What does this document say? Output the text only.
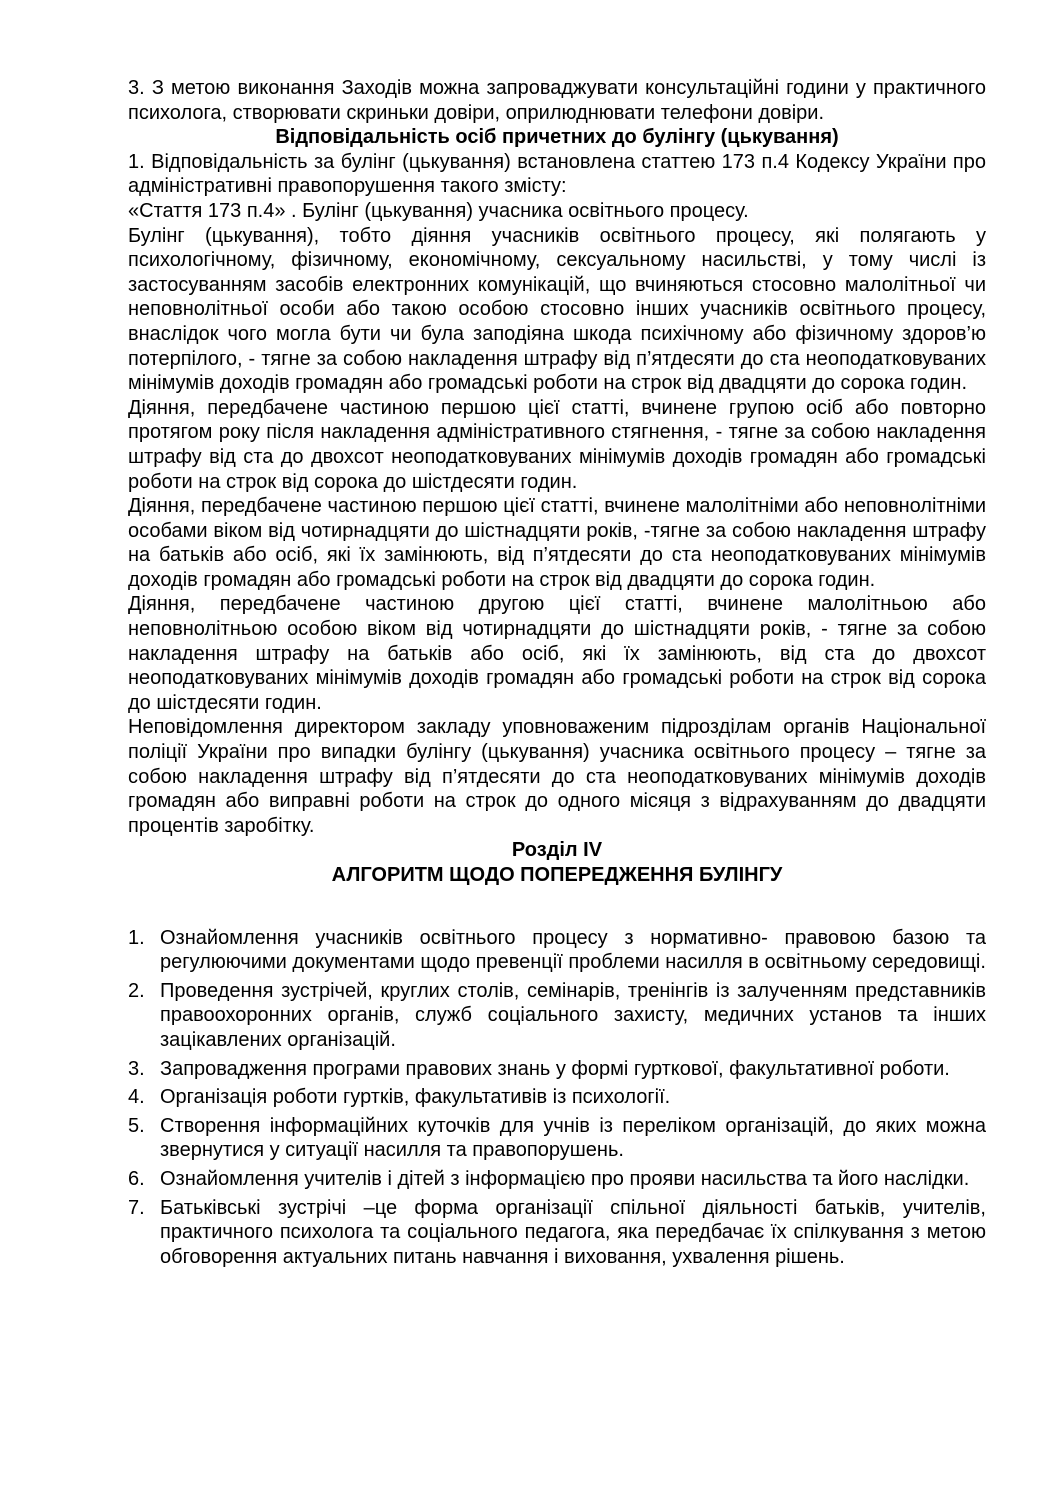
3. З метою виконання Заходів можна запроваджувати консультаційні години у практичного психолога, створювати скриньки довіри, оприлюднювати телефони довіри.

Відповідальність осіб причетних до булінгу (цькування)

1. Відповідальність за булінг (цькування) встановлена статтею 173 п.4 Кодексу України про адміністративні правопорушення такого змісту:

«Стаття 173 п.4» . Булінг (цькування) учасника освітнього процесу.

Булінг (цькування), тобто діяння учасників освітнього процесу, які полягають у психологічному, фізичному, економічному, сексуальному насильстві, у тому числі із застосуванням засобів електронних комунікацій, що вчиняються стосовно малолітньої чи неповнолітньої особи або такою особою стосовно інших учасників освітнього процесу, внаслідок чого могла бути чи була заподіяна шкода психічному або фізичному здоров’ю потерпілого, - тягне за собою накладення штрафу від п’ятдесяти до ста неоподатковуваних мінімумів доходів громадян або громадські роботи на строк від двадцяти до сорока годин.

Діяння, передбачене частиною першою цієї статті, вчинене групою осіб або повторно протягом року після накладення адміністративного стягнення, - тягне за собою накладення штрафу від ста до двохсот неоподатковуваних мінімумів доходів громадян або громадські роботи на строк від сорока до шістдесяти годин.

Діяння, передбачене частиною першою цієї статті, вчинене малолітніми або неповнолітніми особами віком від чотирнадцяти до шістнадцяти років, -тягне за собою накладення штрафу на батьків або осіб, які їх замінюють, від п’ятдесяти до ста неоподатковуваних мінімумів доходів громадян або громадські роботи на строк від двадцяти до сорока годин.

Діяння, передбачене частиною другою цієї статті, вчинене малолітньою або неповнолітньою особою віком від чотирнадцяти до шістнадцяти років, - тягне за собою накладення штрафу на батьків або осіб, які їх замінюють, від ста до двохсот неоподатковуваних мінімумів доходів громадян або громадські роботи на строк від сорока до шістдесяти годин.

Неповідомлення директором закладу уповноваженим підрозділам органів Національної поліції України про випадки булінгу (цькування) учасника освітнього процесу – тягне за собою накладення штрафу від п’ятдесяти до ста неоподатковуваних мінімумів доходів громадян або виправні роботи на строк до одного місяця з відрахуванням до двадцяти процентів заробітку.

Розділ IV

АЛГОРИТМ ЩОДО ПОПЕРЕДЖЕННЯ БУЛІНГУ

1. Ознайомлення учасників освітнього процесу з нормативно- правовою базою та регулюючими документами щодо превенції проблеми насилля в освітньому середовищі.
2. Проведення зустрічей, круглих столів, семінарів, тренінгів із залученням представників правоохоронних органів, служб соціального захисту, медичних установ та інших зацікавлених організацій.
3. Запровадження програми правових знань у формі гурткової, факультативної роботи.
4. Організація роботи гуртків, факультативів із психології.
5. Створення інформаційних куточків для учнів із переліком організацій, до яких можна звернутися у ситуації насилля та правопорушень.
6. Ознайомлення учителів і дітей з інформацією про прояви насильства та його наслідки.
7. Батьківські зустрічі –це форма організації спільної діяльності батьків, учителів, практичного психолога та соціального педагога, яка передбачає їх спілкування з метою обговорення актуальних питань навчання і виховання, ухвалення рішень.
